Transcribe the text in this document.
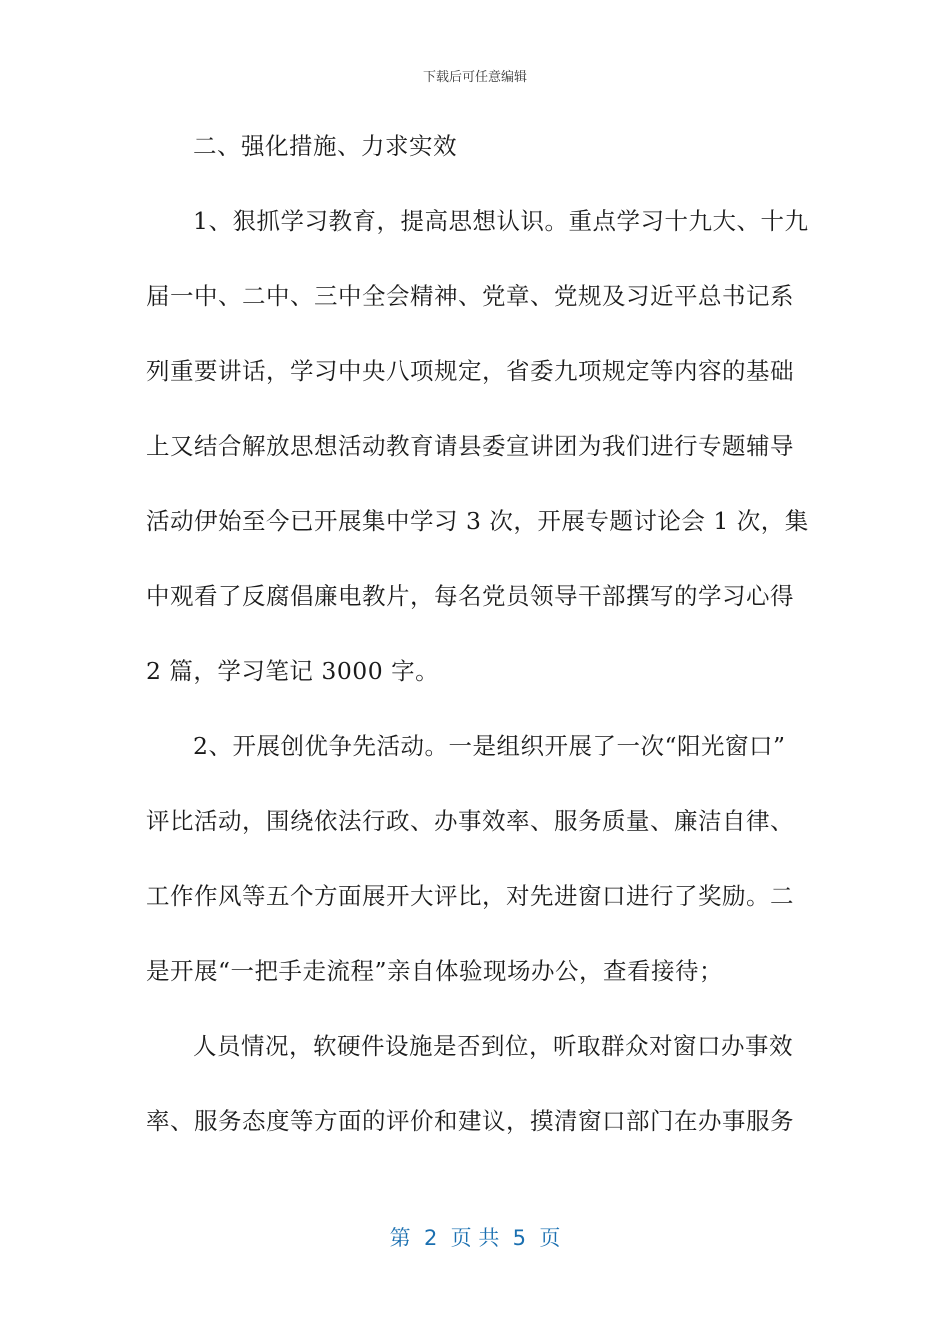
下载后可任意编辑
二、强化措施、力求实效
1、狠抓学习教育，提高思想认识。重点学习十九大、十九
届一中、二中、三中全会精神、党章、党规及习近平总书记系
列重要讲话，学习中央八项规定，省委九项规定等内容的基础
上又结合解放思想活动教育请县委宣讲团为我们进行专题辅导
活动伊始至今已开展集中学习 3 次，开展专题讨论会 1 次，集
中观看了反腐倡廉电教片，每名党员领导干部撰写的学习心得
2 篇，学习笔记 3000 字。
2、开展创优争先活动。一是组织开展了一次“阳光窗口”
评比活动，围绕依法行政、办事效率、服务质量、廉洁自律、
工作作风等五个方面展开大评比，对先进窗口进行了奖励。二
是开展“一把手走流程”亲自体验现场办公，查看接待；
人员情况，软硬件设施是否到位，听取群众对窗口办事效
率、服务态度等方面的评价和建议，摸清窗口部门在办事服务
第  2  页 共  5  页
